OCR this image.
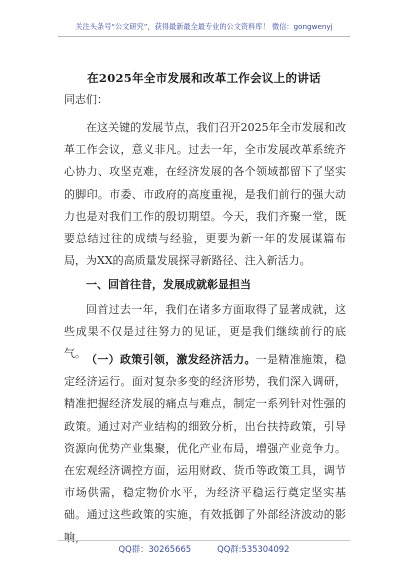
关注头条号“公文研究”，获得最新最全最专业的公文资料库！ 微信：gongwenyj
在2025年全市发展和改革工作会议上的讲话

同志们：

在这关键的发展节点，我们召开2025年全市发展和改革工作会议，意义非凡。过去一年，全市发展改革系统齐心协力、攻坚克难，在经济发展的各个领域都留下了坚实的脚印。市委、市政府的高度重视，是我们前行的强大动力也是对我们工作的殷切期望。今天，我们齐聚一堂，既要总结过往的成绩与经验，更要为新一年的发展谋篇布局，为XX的高质量发展探寻新路径、注入新活力。

一、回首往昔，发展成就彰显担当

回首过去一年，我们在诸多方面取得了显著成就，这些成果不仅是过往努力的见证，更是我们继续前行的底气。 （一）政策引领，激发经济活力。一是精准施策，稳定经济运行。面对复杂多变的经济形势，我们深入调研，精准把握经济发展的痛点与难点，制定一系列针对性强的政策。通过对产业结构的细致分析，出台扶持政策，引导资源向优势产业集聚，优化产业布局，增强产业竞争力。在宏观经济调控方面，运用财政、货币等政策工具，调节市场供需，稳定物价水平，为经济平稳运行奠定坚实基础。通过这些政策的实施，有效抵御了外部经济波动的影响，

QQ群：30265665	QQ群:535304092
